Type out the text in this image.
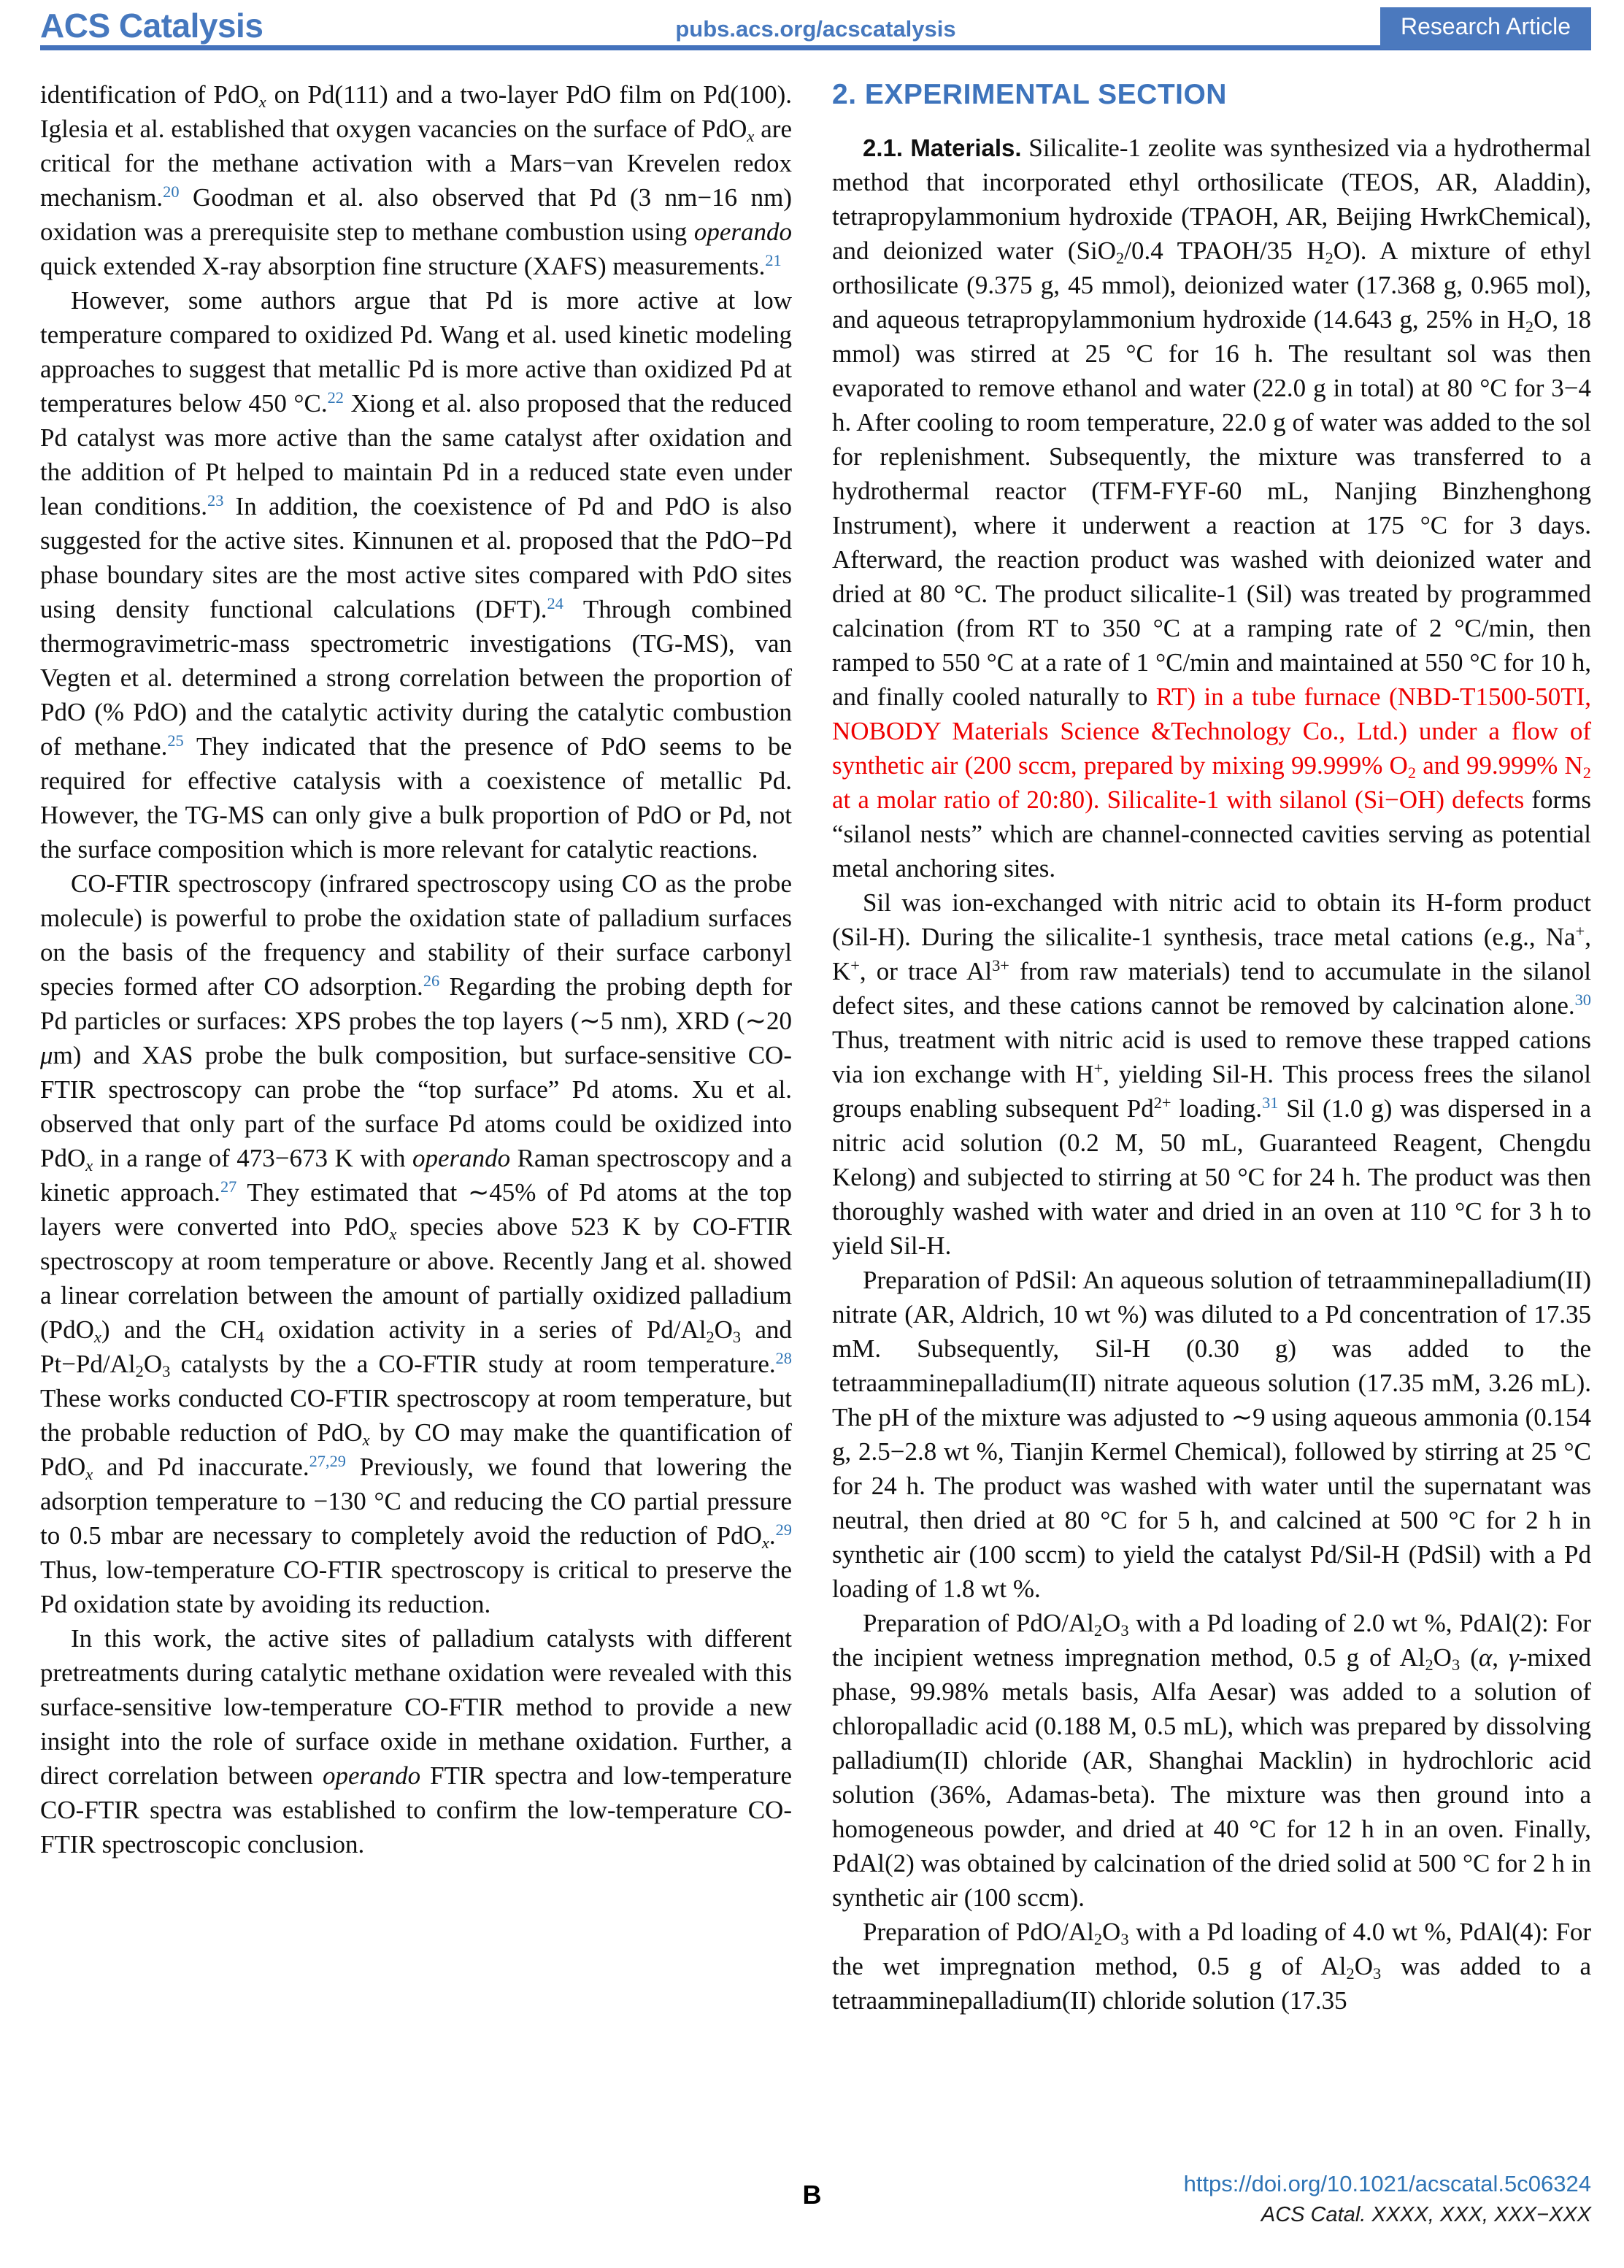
ACS Catalysis	pubs.acs.org/acscatalysis	Research Article

identification of PdO$_x$ on Pd(111) and a two-layer PdO film on Pd(100). Iglesia et al. established that oxygen vacancies on the surface of PdO$_x$ are critical for the methane activation with a Mars−van Krevelen redox mechanism.$^{20}$ Goodman et al. also observed that Pd (3 nm−16 nm) oxidation was a prerequisite step to methane combustion using operando quick extended X-ray absorption fine structure (XAFS) measurements.$^{21}$

However, some authors argue that Pd is more active at low temperature compared to oxidized Pd. Wang et al. used kinetic modeling approaches to suggest that metallic Pd is more active than oxidized Pd at temperatures below 450 °C.$^{22}$ Xiong et al. also proposed that the reduced Pd catalyst was more active than the same catalyst after oxidation and the addition of Pt helped to maintain Pd in a reduced state even under lean conditions.$^{23}$ In addition, the coexistence of Pd and PdO is also suggested for the active sites. Kinnunen et al. proposed that the PdO−Pd phase boundary sites are the most active sites compared with PdO sites using density functional calculations (DFT).$^{24}$ Through combined thermogravimetric-mass spectrometric investigations (TG-MS), van Vegten et al. determined a strong correlation between the proportion of PdO (% PdO) and the catalytic activity during the catalytic combustion of methane.$^{25}$ They indicated that the presence of PdO seems to be required for effective catalysis with a coexistence of metallic Pd. However, the TG-MS can only give a bulk proportion of PdO or Pd, not the surface composition which is more relevant for catalytic reactions.

CO-FTIR spectroscopy (infrared spectroscopy using CO as the probe molecule) is powerful to probe the oxidation state of palladium surfaces on the basis of the frequency and stability of their surface carbonyl species formed after CO adsorption.$^{26}$ Regarding the probing depth for Pd particles or surfaces: XPS probes the top layers (∼5 nm), XRD (∼20 μm) and XAS probe the bulk composition, but surface-sensitive CO-FTIR spectroscopy can probe the “top surface” Pd atoms. Xu et al. observed that only part of the surface Pd atoms could be oxidized into PdO$_x$ in a range of 473−673 K with operando Raman spectroscopy and a kinetic approach.$^{27}$ They estimated that ∼45% of Pd atoms at the top layers were converted into PdO$_x$ species above 523 K by CO-FTIR spectroscopy at room temperature or above. Recently Jang et al. showed a linear correlation between the amount of partially oxidized palladium (PdO$_x$) and the $CH_4$ oxidation activity in a series of $Pd/Al_2O_3$ and $Pt-Pd/Al_2O_3$ catalysts by the a CO-FTIR study at room temperature.$^{28}$ These works conducted CO-FTIR spectroscopy at room temperature, but the probable reduction of PdO$_x$ by CO may make the quantification of PdO$_x$ and Pd inaccurate.$^{27,29}$ Previously, we found that lowering the adsorption temperature to −130 °C and reducing the CO partial pressure to 0.5 mbar are necessary to completely avoid the reduction of PdO$_x$.$^{29}$ Thus, low-temperature CO-FTIR spectroscopy is critical to preserve the Pd oxidation state by avoiding its reduction.

In this work, the active sites of palladium catalysts with different pretreatments during catalytic methane oxidation were revealed with this surface-sensitive low-temperature CO-FTIR method to provide a new insight into the role of surface oxide in methane oxidation. Further, a direct correlation between operando FTIR spectra and low-temperature CO-FTIR spectra was established to confirm the low-temperature CO-FTIR spectroscopic conclusion.

2. EXPERIMENTAL SECTION

2.1. Materials. Silicalite-1 zeolite was synthesized via a hydrothermal method that incorporated ethyl orthosilicate (TEOS, AR, Aladdin), tetrapropylammonium hydroxide (TPAOH, AR, Beijing HwrkChemical), and deionized water (SiO$_2$/0.4 TPAOH/35 $H_2O$). A mixture of ethyl orthosilicate (9.375 g, 45 mmol), deionized water (17.368 g, 0.965 mol), and aqueous tetrapropylammonium hydroxide (14.643 g, 25% in $H_2O$, 18 mmol) was stirred at 25 °C for 16 h. The resultant sol was then evaporated to remove ethanol and water (22.0 g in total) at 80 °C for 3−4 h. After cooling to room temperature, 22.0 g of water was added to the sol for replenishment. Subsequently, the mixture was transferred to a hydrothermal reactor (TFM-FYF-60 mL, Nanjing Binzhenghong Instrument), where it underwent a reaction at 175 °C for 3 days. Afterward, the reaction product was washed with deionized water and dried at 80 °C. The product silicalite-1 (Sil) was treated by programmed calcination (from RT to 350 °C at a ramping rate of 2 °C/min, then ramped to 550 °C at a rate of 1 °C/min and maintained at 550 °C for 10 h, and finally cooled naturally to RT) in a tube furnace (NBD-T1500-50TI, NOBODY Materials Science &Technology Co., Ltd.) under a flow of synthetic air (200 sccm, prepared by mixing 99.999% $O_2$ and 99.999% $N_2$ at a molar ratio of 20:80). Silicalite-1 with silanol (Si−OH) defects forms “silanol nests” which are channel-connected cavities serving as potential metal anchoring sites.

Sil was ion-exchanged with nitric acid to obtain its H-form product (Sil-H). During the silicalite-1 synthesis, trace metal cations (e.g., Na+, K+, or trace $Al^{3+}$ from raw materials) tend to accumulate in the silanol defect sites, and these cations cannot be removed by calcination alone.$^{30}$ Thus, treatment with nitric acid is used to remove these trapped cations via ion exchange with H+, yielding Sil-H. This process frees the silanol groups enabling subsequent $Pd^{2+}$ loading.$^{31}$ Sil (1.0 g) was dispersed in a nitric acid solution (0.2 M, 50 mL, Guaranteed Reagent, Chengdu Kelong) and subjected to stirring at 50 °C for 24 h. The product was then thoroughly washed with water and dried in an oven at 110 °C for 3 h to yield Sil-H.

Preparation of PdSil: An aqueous solution of tetraamminepalladium(II) nitrate (AR, Aldrich, 10 wt %) was diluted to a Pd concentration of 17.35 mM. Subsequently, Sil-H (0.30 g) was added to the tetraamminepalladium(II) nitrate aqueous solution (17.35 mM, 3.26 mL). The pH of the mixture was adjusted to ∼9 using aqueous ammonia (0.154 g, 2.5−2.8 wt %, Tianjin Kermel Chemical), followed by stirring at 25 °C for 24 h. The product was washed with water until the supernatant was neutral, then dried at 80 °C for 5 h, and calcined at 500 °C for 2 h in synthetic air (100 sccm) to yield the catalyst Pd/Sil-H (PdSil) with a Pd loading of 1.8 wt %.

Preparation of PdO/$Al_2O_3$ with a Pd loading of 2.0 wt %, PdAl(2): For the incipient wetness impregnation method, 0.5 g of $Al_2O_3$ (α, γ-mixed phase, 99.98% metals basis, Alfa Aesar) was added to a solution of chloropalladic acid (0.188 M, 0.5 mL), which was prepared by dissolving palladium(II) chloride (AR, Shanghai Macklin) in hydrochloric acid solution (36%, Adamas-beta). The mixture was then ground into a homogeneous powder, and dried at 40 °C for 12 h in an oven. Finally, PdAl(2) was obtained by calcination of the dried solid at 500 °C for 2 h in synthetic air (100 sccm).

Preparation of PdO/$Al_2O_3$ with a Pd loading of 4.0 wt %, PdAl(4): For the wet impregnation method, 0.5 g of $Al_2O_3$ was added to a tetraamminepalladium(II) chloride solution (17.35

B	https://doi.org/10.1021/acscatal.5c06324
ACS Catal. XXXX, XXX, XXX−XXX
